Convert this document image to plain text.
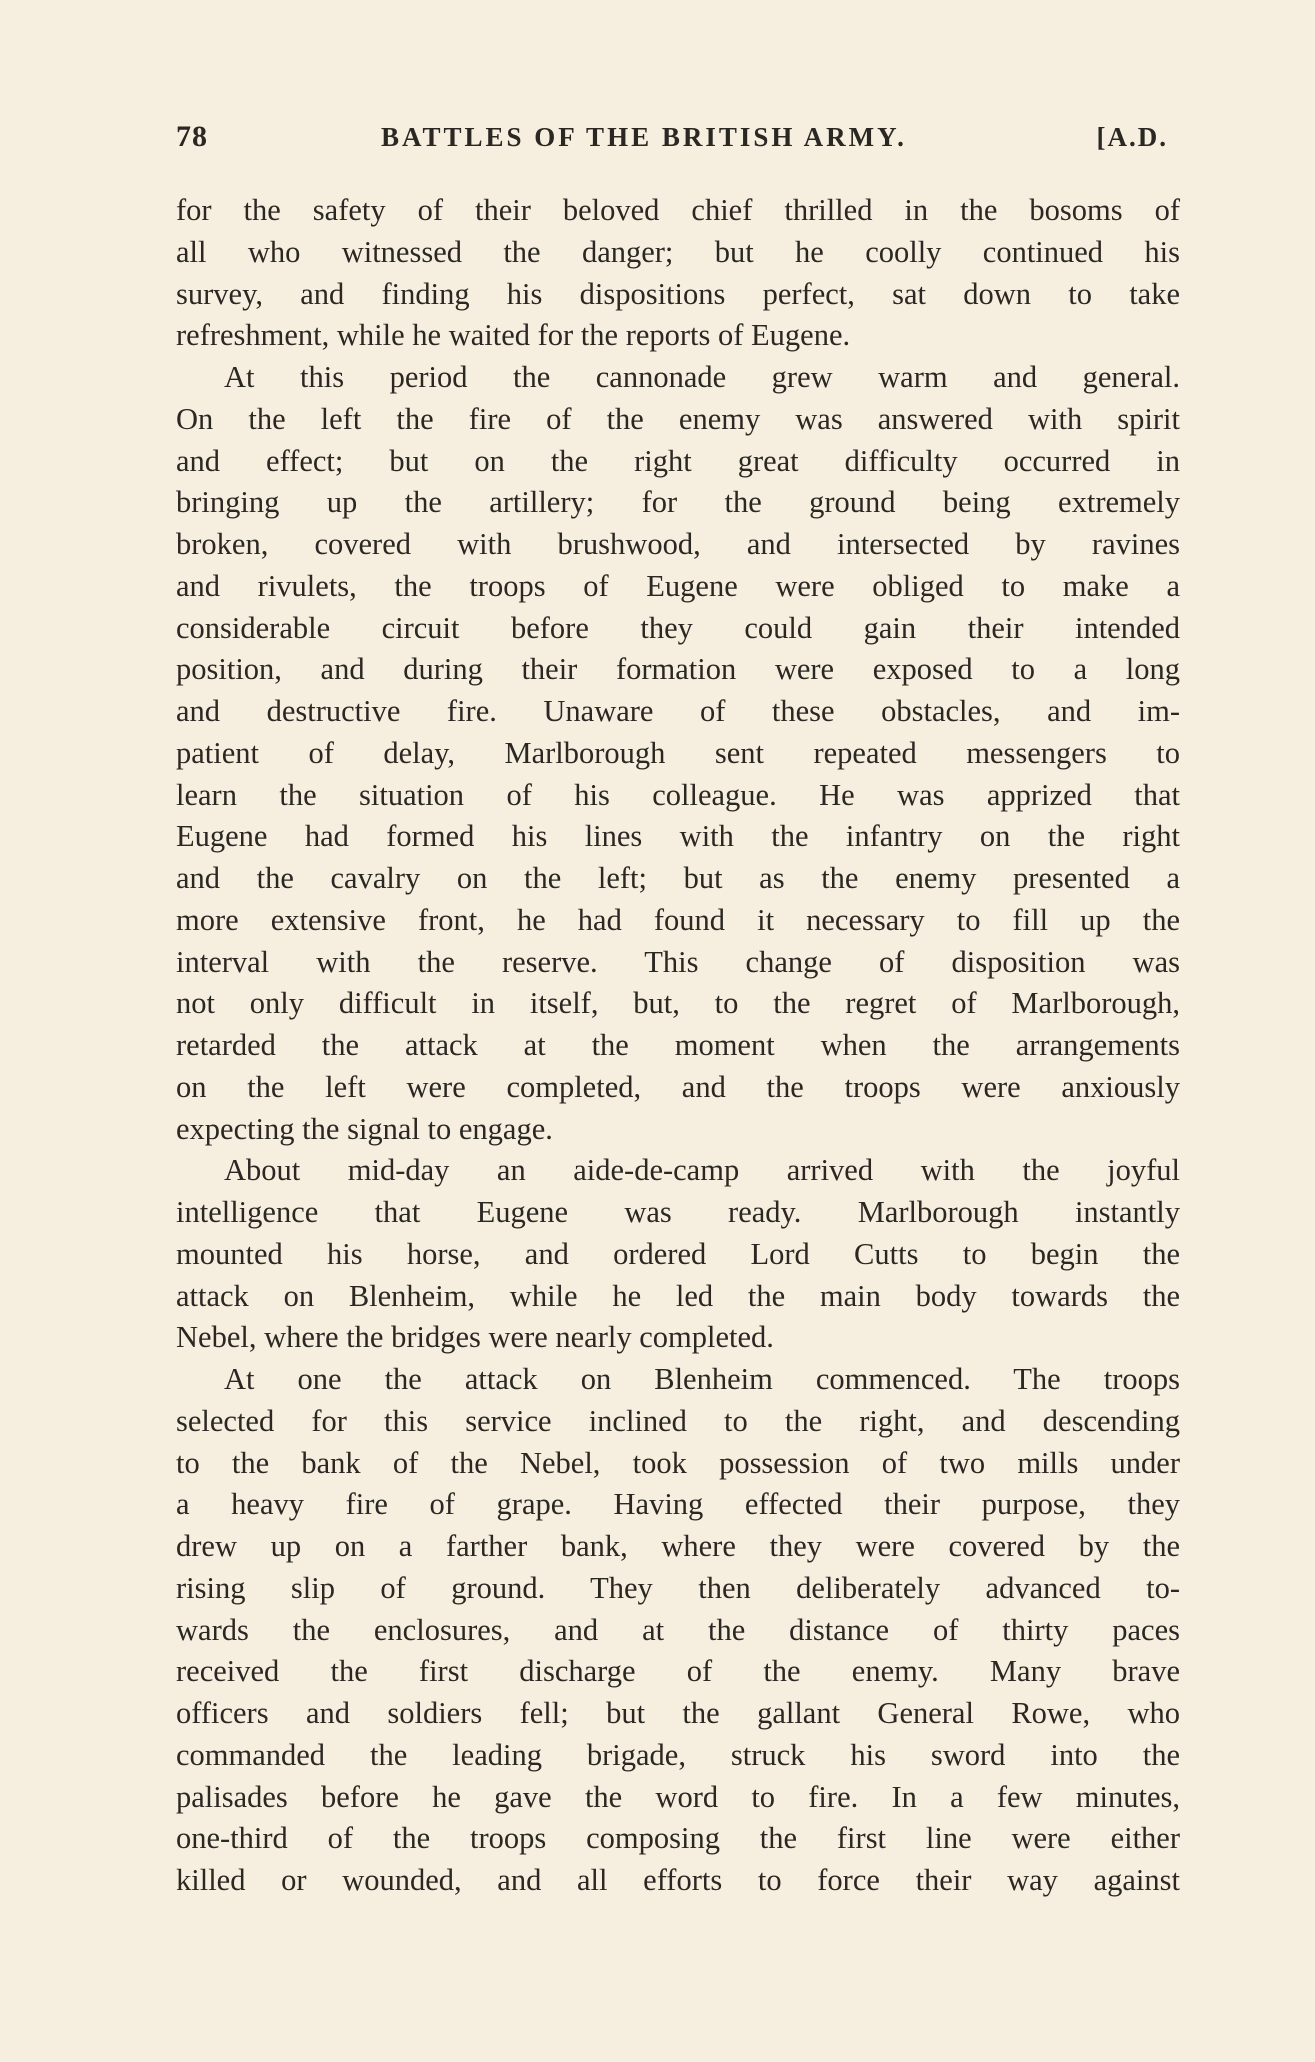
78	BATTLES OF THE BRITISH ARMY.	[A.D.
for the safety of their beloved chief thrilled in the bosoms of
all who witnessed the danger; but he coolly continued his
survey, and finding his dispositions perfect, sat down to take
refreshment, while he waited for the reports of Eugene.
At this period the cannonade grew warm and general.
On the left the fire of the enemy was answered with spirit
and effect; but on the right great difficulty occurred in
bringing up the artillery; for the ground being extremely
broken, covered with brushwood, and intersected by ravines
and rivulets, the troops of Eugene were obliged to make a
considerable circuit before they could gain their intended
position, and during their formation were exposed to a long
and destructive fire. Unaware of these obstacles, and im-
patient of delay, Marlborough sent repeated messengers to
learn the situation of his colleague. He was apprized that
Eugene had formed his lines with the infantry on the right
and the cavalry on the left; but as the enemy presented a
more extensive front, he had found it necessary to fill up the
interval with the reserve. This change of disposition was
not only difficult in itself, but, to the regret of Marlborough,
retarded the attack at the moment when the arrangements
on the left were completed, and the troops were anxiously
expecting the signal to engage.
About mid-day an aide-de-camp arrived with the joyful
intelligence that Eugene was ready. Marlborough instantly
mounted his horse, and ordered Lord Cutts to begin the
attack on Blenheim, while he led the main body towards the
Nebel, where the bridges were nearly completed.
At one the attack on Blenheim commenced. The troops
selected for this service inclined to the right, and descending
to the bank of the Nebel, took possession of two mills under
a heavy fire of grape. Having effected their purpose, they
drew up on a farther bank, where they were covered by the
rising slip of ground. They then deliberately advanced to-
wards the enclosures, and at the distance of thirty paces
received the first discharge of the enemy. Many brave
officers and soldiers fell; but the gallant General Rowe, who
commanded the leading brigade, struck his sword into the
palisades before he gave the word to fire. In a few minutes,
one-third of the troops composing the first line were either
killed or wounded, and all efforts to force their way against
